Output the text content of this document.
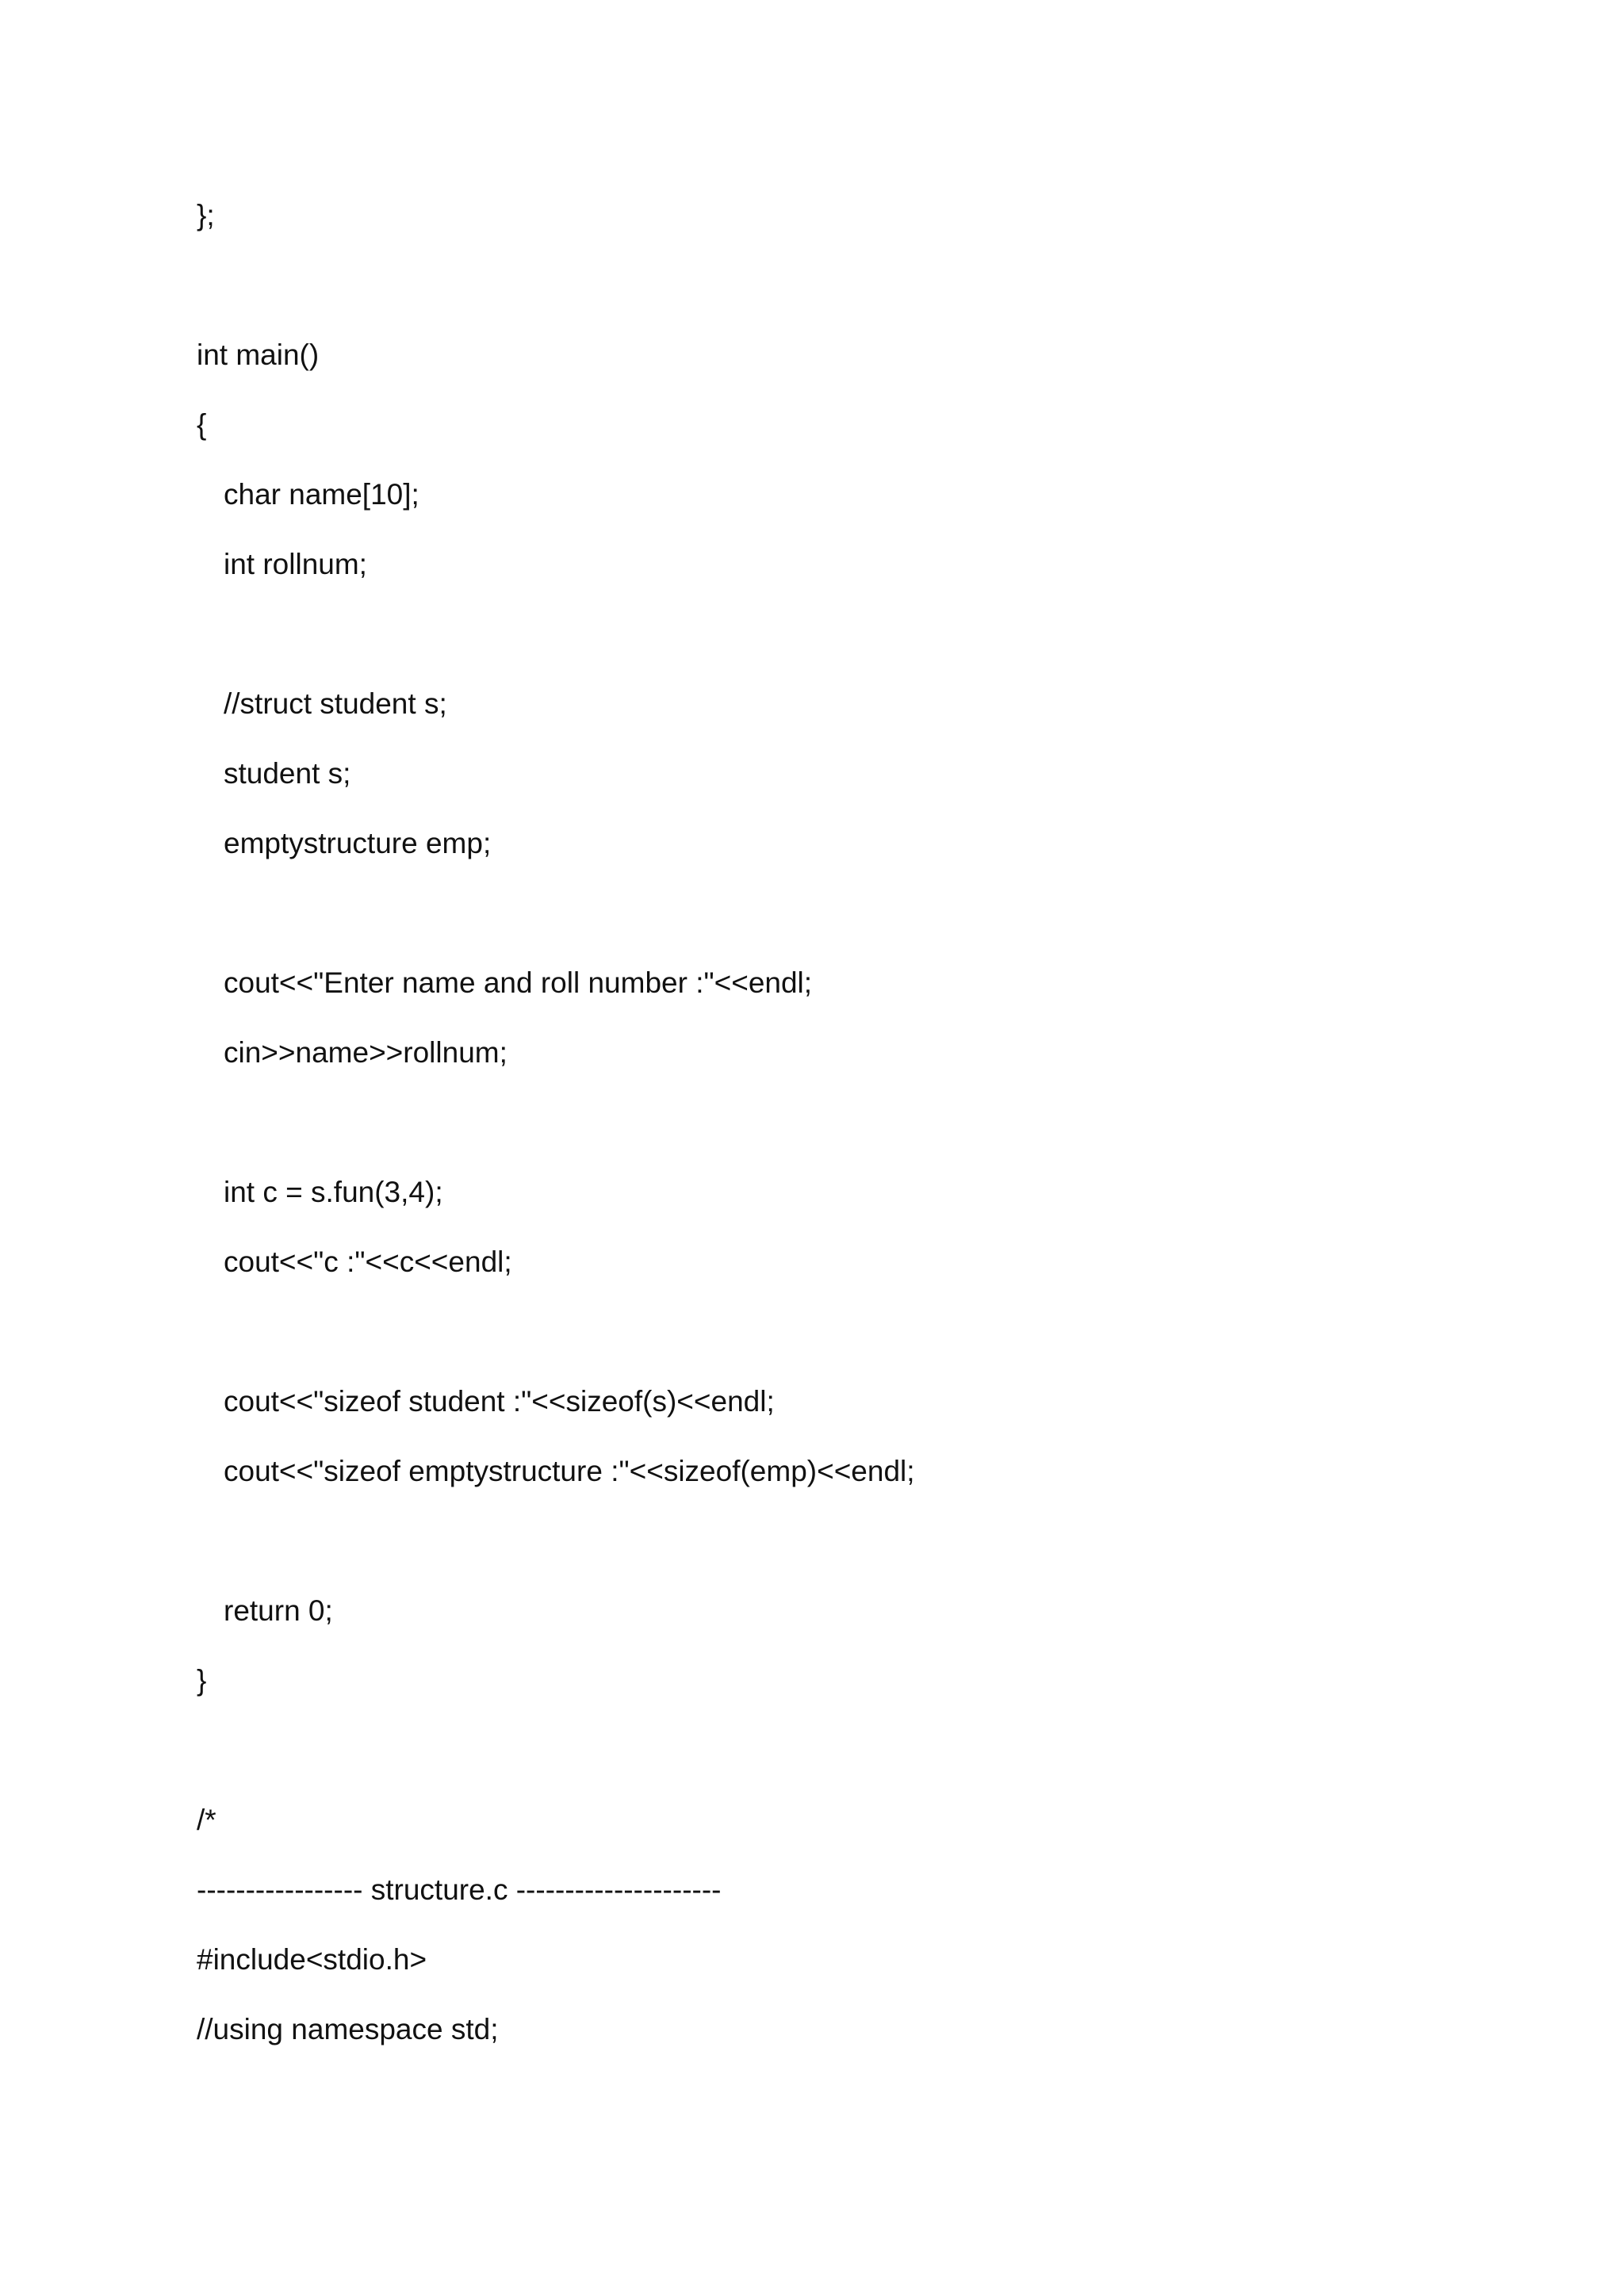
};
int main()
{
char name[10];
int rollnum;
//struct student s;
student s;
emptystructure emp;
cout<<"Enter name and roll number :"<<endl;
cin>>name>>rollnum;
int c = s.fun(3,4);
cout<<"c :"<<c<<endl;
cout<<"sizeof student :"<<sizeof(s)<<endl;
cout<<"sizeof emptystructure :"<<sizeof(emp)<<endl;
return 0;
}
/*
----------------- structure.c ---------------------
#include<stdio.h>
//using namespace std;
